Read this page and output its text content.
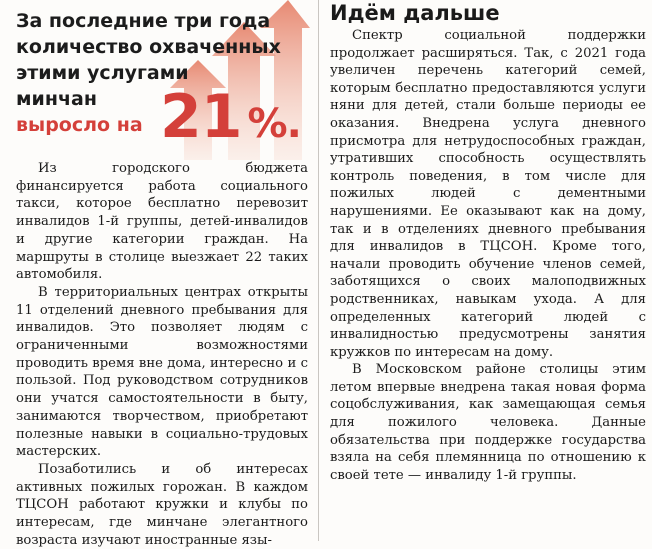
За последние три года
количество охваченных
этими услугами
минчан
выросло на 21 %.

Из городского бюджета финансируется работа социального такси, которое бесплатно перевозит инвалидов 1-й группы, детей-инвалидов и другие категории граждан. На маршруты в столице выезжает 22 таких автомобиля.

В территориальных центрах открыты 11 отделений дневного пребывания для инвалидов. Это позволяет людям с ограниченными возможностями проводить время вне дома, интересно и с пользой. Под руководством сотрудников они учатся самостоятельности в быту, занимаются творчеством, приобретают полезные навыки в социально-трудовых мастерских.

Позаботились и об интересах активных пожилых горожан. В каждом ТЦСОН работают кружки и клубы по интересам, где минчане элегантного возраста изучают иностранные язы-

Идём дальше

Спектр социальной поддержки продолжает расширяться. Так, с 2021 года увеличен перечень категорий семей, которым бесплатно предоставляются услуги няни для детей, стали больше периоды ее оказания. Внедрена услуга дневного присмотра для нетрудоспособных граждан, утративших способность осуществлять контроль поведения, в том числе для пожилых людей с дементными нарушениями. Ее оказывают как на дому, так и в отделениях дневного пребывания для инвалидов в ТЦСОН. Кроме того, начали проводить обучение членов семей, заботящихся о своих малоподвижных родственниках, навыкам ухода. А для определенных категорий людей с инвалидностью предусмотрены занятия кружков по интересам на дому.

В Московском районе столицы этим летом впервые внедрена такая новая форма соцобслуживания, как замещающая семья для пожилого человека. Данные обязательства при поддержке государства взяла на себя племянница по отношению к своей тете — инвалиду 1-й группы.
